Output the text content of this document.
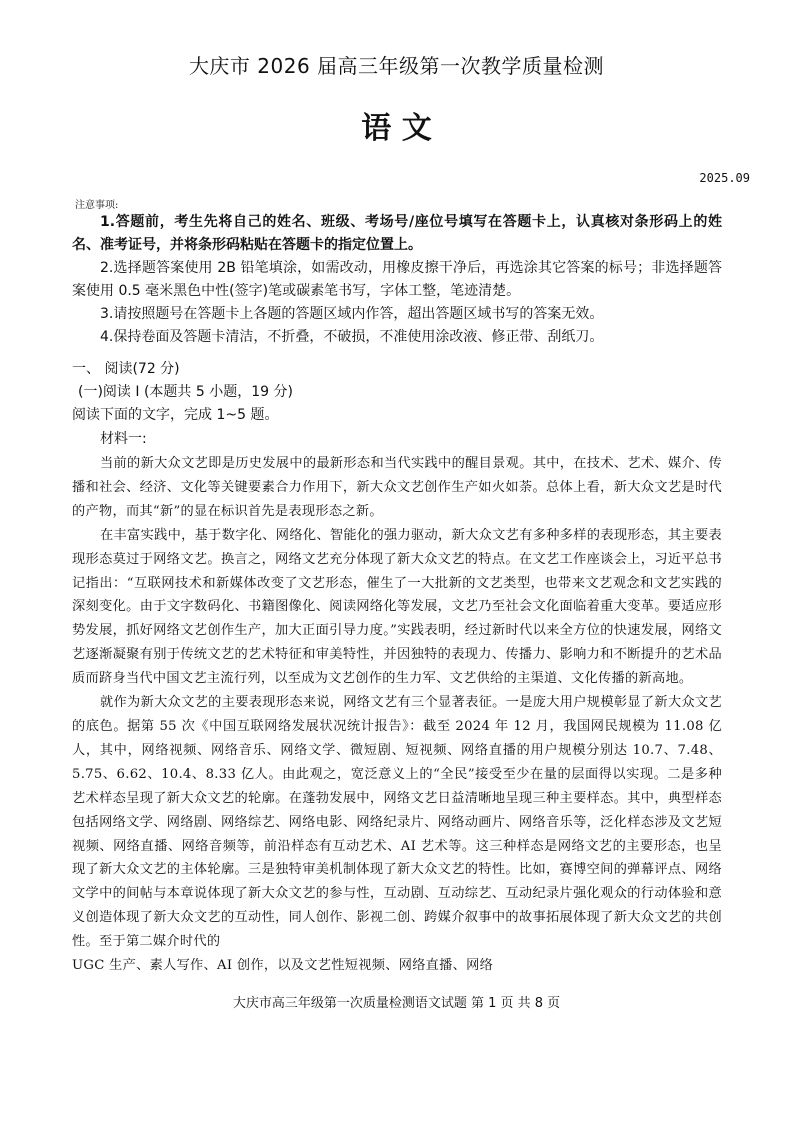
大庆市 2026 届高三年级第一次教学质量检测
语 文
2025.09
注意事项:

1.答题前，考生先将自己的姓名、班级、考场号/座位号填写在答题卡上，认真核对条形码上的姓名、准考证号，并将条形码粘贴在答题卡的指定位置上。

2.选择题答案使用 2B 铅笔填涂，如需改动，用橡皮擦干净后，再选涂其它答案的标号；非选择题答案使用 0.5 毫米黑色中性(签字)笔或碳素笔书写，字体工整，笔迹清楚。

3.请按照题号在答题卡上各题的答题区域内作答，超出答题区域书写的答案无效。

4.保持卷面及答题卡清洁，不折叠，不破损，不准使用涂改液、修正带、刮纸刀。

一、 阅读(72 分)
(一)阅读 I (本题共 5 小题，19 分)
阅读下面的文字，完成 1~5 题。
材料一:

当前的新大众文艺即是历史发展中的最新形态和当代实践中的醒目景观。其中，在技术、艺术、媒介、传播和社会、经济、文化等关键要素合力作用下，新大众文艺创作生产如火如荼。总体上看，新大众文艺是时代的产物，而其“新”的显在标识首先是表现形态之新。

在丰富实践中，基于数字化、网络化、智能化的强力驱动，新大众文艺有多种多样的表现形态，其主要表现形态莫过于网络文艺。换言之，网络文艺充分体现了新大众文艺的特点。在文艺工作座谈会上，习近平总书记指出：“互联网技术和新媒体改变了文艺形态，催生了一大批新的文艺类型，也带来文艺观念和文艺实践的深刻变化。由于文字数码化、书籍图像化、阅读网络化等发展，文艺乃至社会文化面临着重大变革。要适应形势发展，抓好网络文艺创作生产，加大正面引导力度。”实践表明，经过新时代以来全方位的快速发展，网络文艺逐渐凝聚有别于传统文艺的艺术特征和审美特性，并因独特的表现力、传播力、影响力和不断提升的艺术品质而跻身当代中国文艺主流行列，以至成为文艺创作的生力军、文艺供给的主渠道、文化传播的新高地。

就作为新大众文艺的主要表现形态来说，网络文艺有三个显著表征。一是庞大用户规模彰显了新大众文艺的底色。据第 55 次《中国互联网络发展状况统计报告》：截至 2024 年 12 月，我国网民规模为 11.08 亿人，其中，网络视频、网络音乐、网络文学、微短剧、短视频、网络直播的用户规模分别达 10.7、7.48、5.75、6.62、10.4、8.33 亿人。由此观之，宽泛意义上的“全民”接受至少在量的层面得以实现。二是多种艺术样态呈现了新大众文艺的轮廓。在蓬勃发展中，网络文艺日益清晰地呈现三种主要样态。其中，典型样态包括网络文学、网络剧、网络综艺、网络电影、网络纪录片、网络动画片、网络音乐等，泛化样态涉及文艺短视频、网络直播、网络音频等，前沿样态有互动艺术、AI 艺术等。这三种样态是网络文艺的主要形态，也呈现了新大众文艺的主体轮廓。三是独特审美机制体现了新大众文艺的特性。比如，赛博空间的弹幕评点、网络文学中的间帖与本章说体现了新大众文艺的参与性，互动剧、互动综艺、互动纪录片强化观众的行动体验和意义创造体现了新大众文艺的互动性，同人创作、影视二创、跨媒介叙事中的故事拓展体现了新大众文艺的共创性。至于第二媒介时代的

UGC 生产、素人写作、AI 创作，以及文艺性短视频、网络直播、网络

大庆市高三年级第一次质量检测语文试题 第 1 页 共 8 页
